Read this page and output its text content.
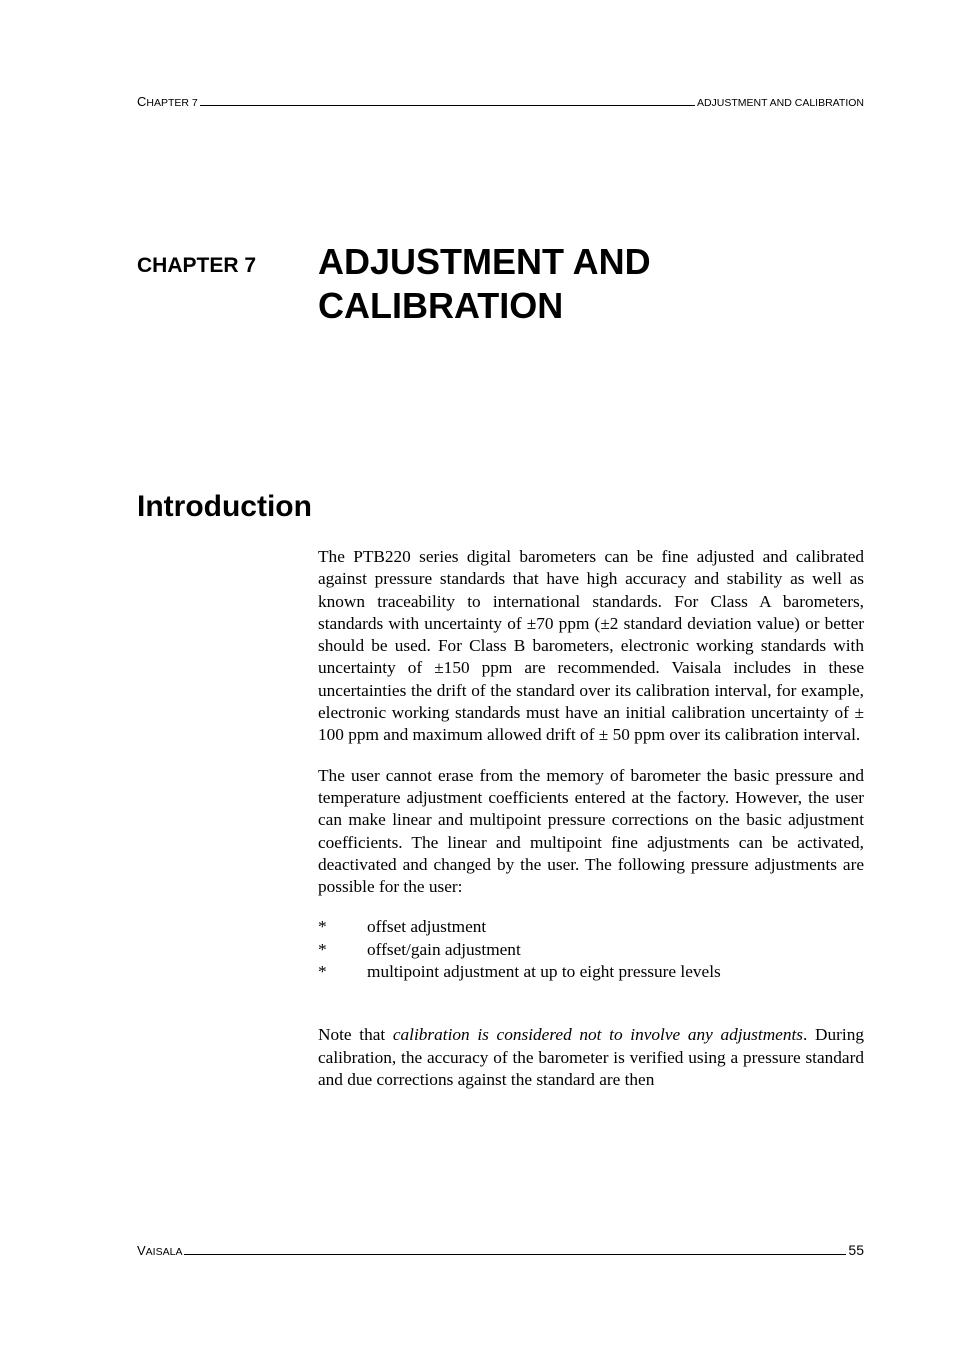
CHAPTER 7	ADJUSTMENT AND CALIBRATION
CHAPTER 7 ADJUSTMENT AND
CALIBRATION
Introduction

The PTB220 series digital barometers can be fine adjusted and calibrated against pressure standards that have high accuracy and stability as well as known traceability to international standards. For Class A barometers, standards with uncertainty of ±70 ppm (±2 standard deviation value) or better should be used. For Class B barometers, electronic working standards with uncertainty of ±150 ppm are recommended. Vaisala includes in these uncertainties the drift of the standard over its calibration interval, for example, electronic working standards must have an initial calibration uncertainty of ± 100 ppm and maximum allowed drift of ± 50 ppm over its calibration interval.

The user cannot erase from the memory of barometer the basic pressure and temperature adjustment coefficients entered at the factory. However, the user can make linear and multipoint pressure corrections on the basic adjustment coefficients. The linear and multipoint fine adjustments can be activated, deactivated and changed by the user. The following pressure adjustments are possible for the user:

*	offset adjustment
*	offset/gain adjustment
*	multipoint adjustment at up to eight pressure levels

Note that calibration is considered not to involve any adjustments. During calibration, the accuracy of the barometer is verified using a pressure standard and due corrections against the standard are then

VAISALA	55
